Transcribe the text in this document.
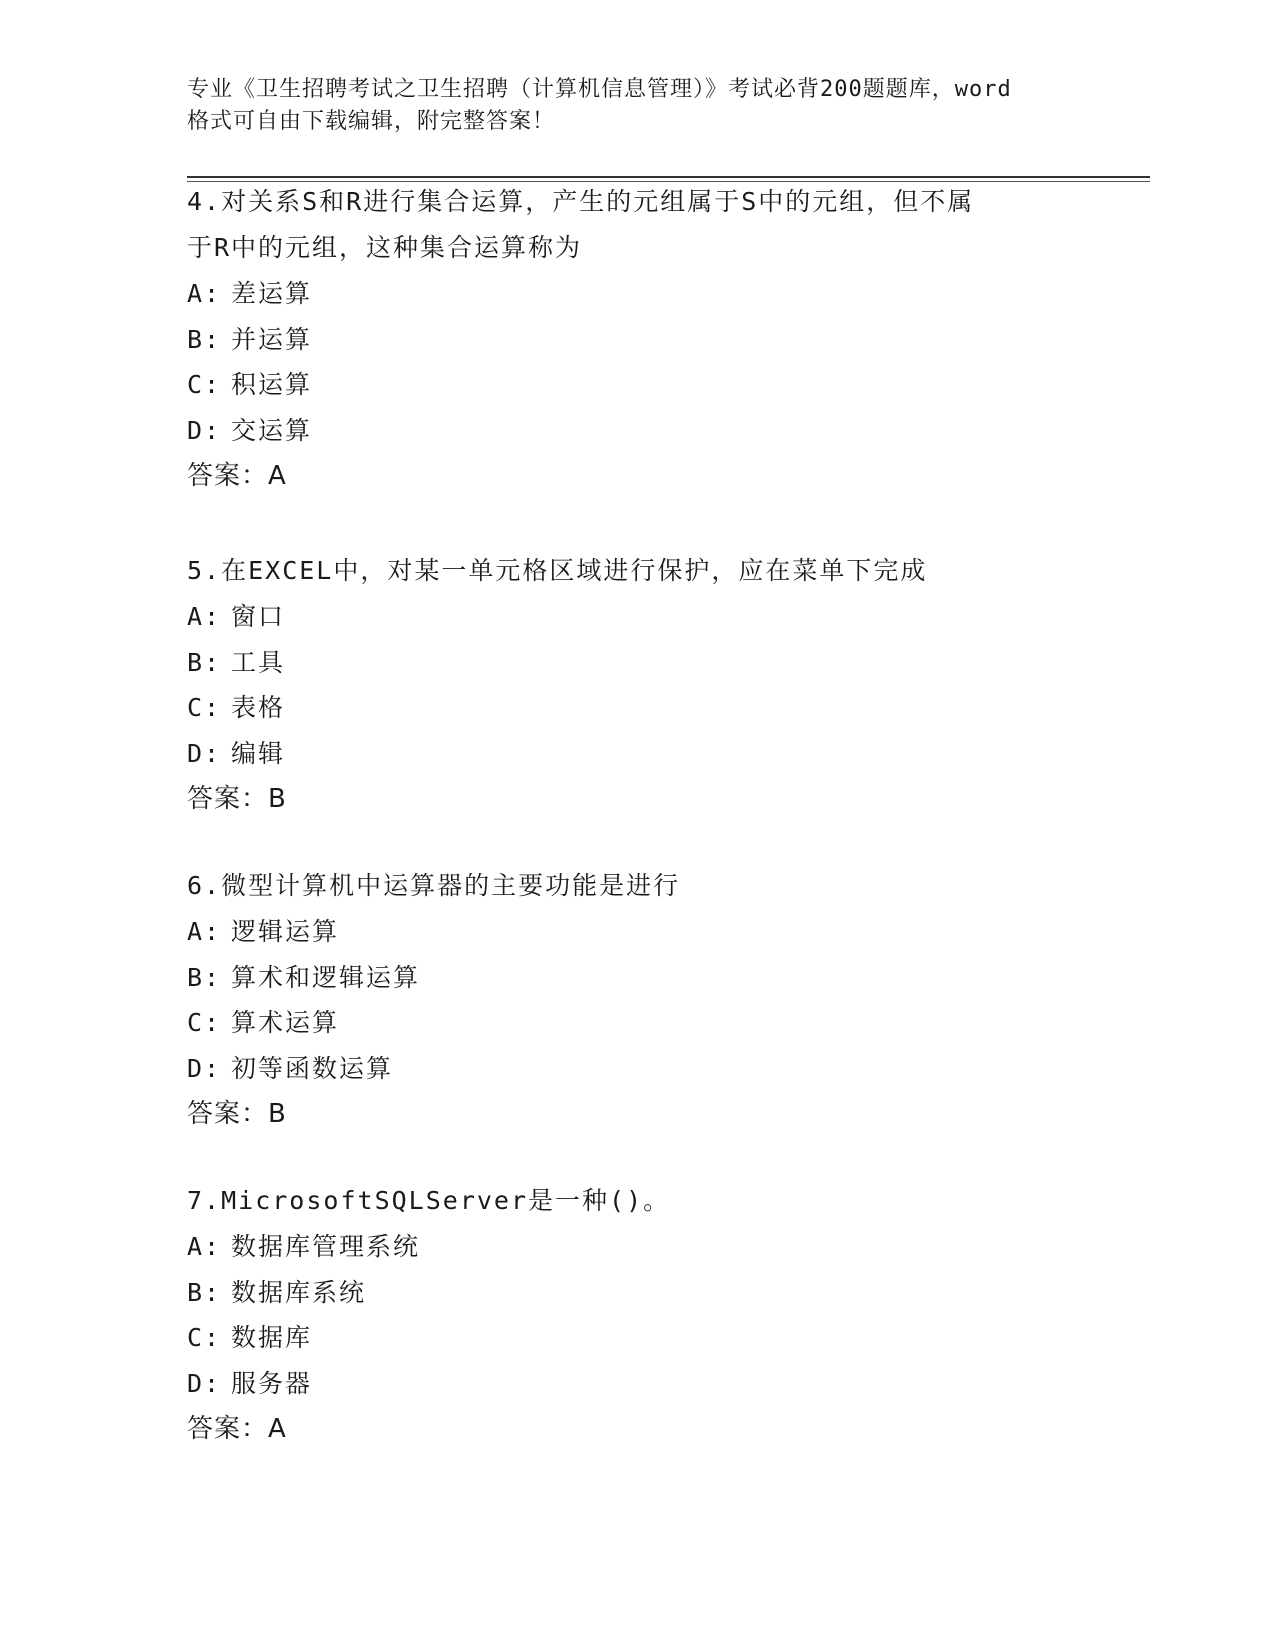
专业《卫生招聘考试之卫生招聘（计算机信息管理）》考试必背200题题库，word
格式可自由下载编辑，附完整答案！
4.对关系S和R进行集合运算，产生的元组属于S中的元组，但不属
于R中的元组，这种集合运算称为
A: 差运算
B: 并运算
C: 积运算
D: 交运算
答案：A
5.在EXCEL中，对某一单元格区域进行保护，应在菜单下完成
A: 窗口
B: 工具
C: 表格
D: 编辑
答案：B
6.微型计算机中运算器的主要功能是进行
A: 逻辑运算
B: 算术和逻辑运算
C: 算术运算
D: 初等函数运算
答案：B
7.MicrosoftSQLServer是一种()。
A: 数据库管理系统
B: 数据库系统
C: 数据库
D: 服务器
答案：A
